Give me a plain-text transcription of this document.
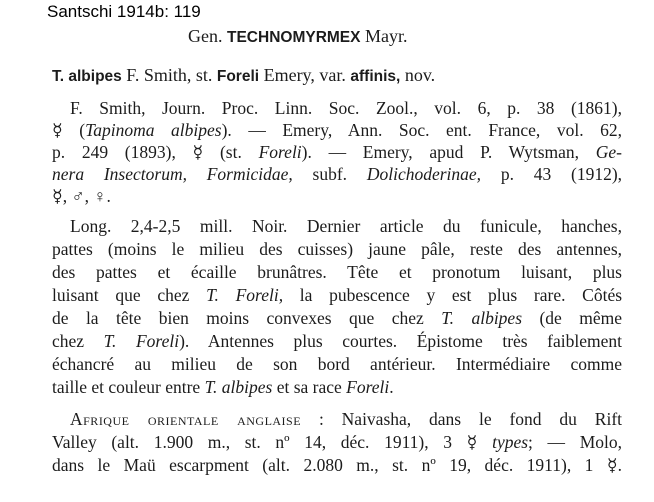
Santschi 1914b: 119
Gen. TECHNOMYRMEX Mayr.
T. albipes F. Smith, st. Foreli Emery, var. affinis, nov.
F. Smith, Journ. Proc. Linn. Soc. Zool., vol. 6, p. 38 (1861),
☿ (Tapinoma albipes). — Emery, Ann. Soc. ent. France, vol. 62,
p. 249 (1893), ☿ (st. Foreli). — Emery, apud P. Wytsman, Ge-
nera Insectorum, Formicidae, subf. Dolichoderinae, p. 43 (1912),
☿, ♂, ♀.
Long. 2,4-2,5 mill. Noir. Dernier article du funicule, hanches,
pattes (moins le milieu des cuisses) jaune pâle, reste des antennes,
des pattes et écaille brunâtres. Tête et pronotum luisant, plus
luisant que chez T. Foreli, la pubescence y est plus rare. Côtés
de la tête bien moins convexes que chez T. albipes (de même
chez T. Foreli). Antennes plus courtes. Épistome très faiblement
échancré au milieu de son bord antérieur. Intermédiaire comme
taille et couleur entre T. albipes et sa race Foreli.
Afrique orientale anglaise : Naivasha, dans le fond du Rift
Valley (alt. 1.900 m., st. nº 14, déc. 1911), 3 ☿ types; — Molo,
dans le Maü escarpment (alt. 2.080 m., st. nº 19, déc. 1911), 1 ☿.
